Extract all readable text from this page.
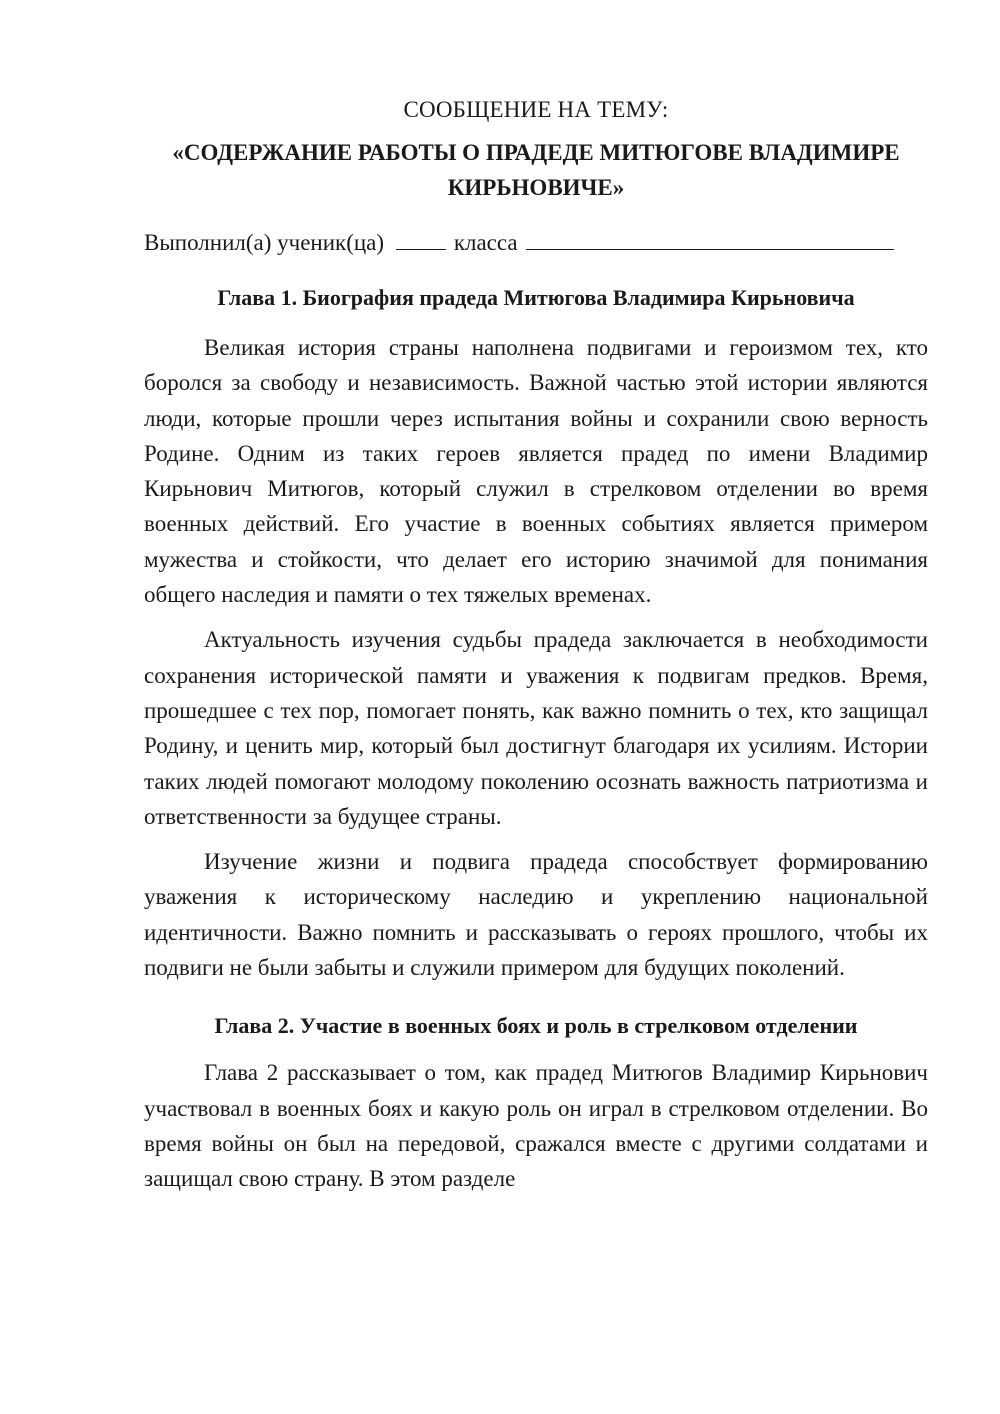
СООБЩЕНИЕ НА ТЕМУ:

«СОДЕРЖАНИЕ РАБОТЫ О ПРАДЕДЕ МИТЮГОВЕ ВЛАДИМИРЕ КИРЬНОВИЧЕ»

Выполнил(а) ученик(ца)	класса

Глава 1. Биография прадеда Митюгова Владимира Кирьновича

Великая история страны наполнена подвигами и героизмом тех, кто боролся за свободу и независимость. Важной частью этой истории являются люди, которые прошли через испытания войны и сохранили свою верность Родине. Одним из таких героев является прадед по имени Владимир Кирьнович Митюгов, который служил в стрелковом отделении во время военных действий. Его участие в военных событиях является примером мужества и стойкости, что делает его историю значимой для понимания общего наследия и памяти о тех тяжелых временах.

Актуальность изучения судьбы прадеда заключается в необходимости сохранения исторической памяти и уважения к подвигам предков. Время, прошедшее с тех пор, помогает понять, как важно помнить о тех, кто защищал Родину, и ценить мир, который был достигнут благодаря их усилиям. Истории таких людей помогают молодому поколению осознать важность патриотизма и ответственности за будущее страны.

Изучение жизни и подвига прадеда способствует формированию уважения к историческому наследию и укреплению национальной идентичности. Важно помнить и рассказывать о героях прошлого, чтобы их подвиги не были забыты и служили примером для будущих поколений.

Глава 2. Участие в военных боях и роль в стрелковом отделении

Глава 2 рассказывает о том, как прадед Митюгов Владимир Кирьнович участвовал в военных боях и какую роль он играл в стрелковом отделении. Во время войны он был на передовой, сражался вместе с другими солдатами и защищал свою страну. В этом разделе
